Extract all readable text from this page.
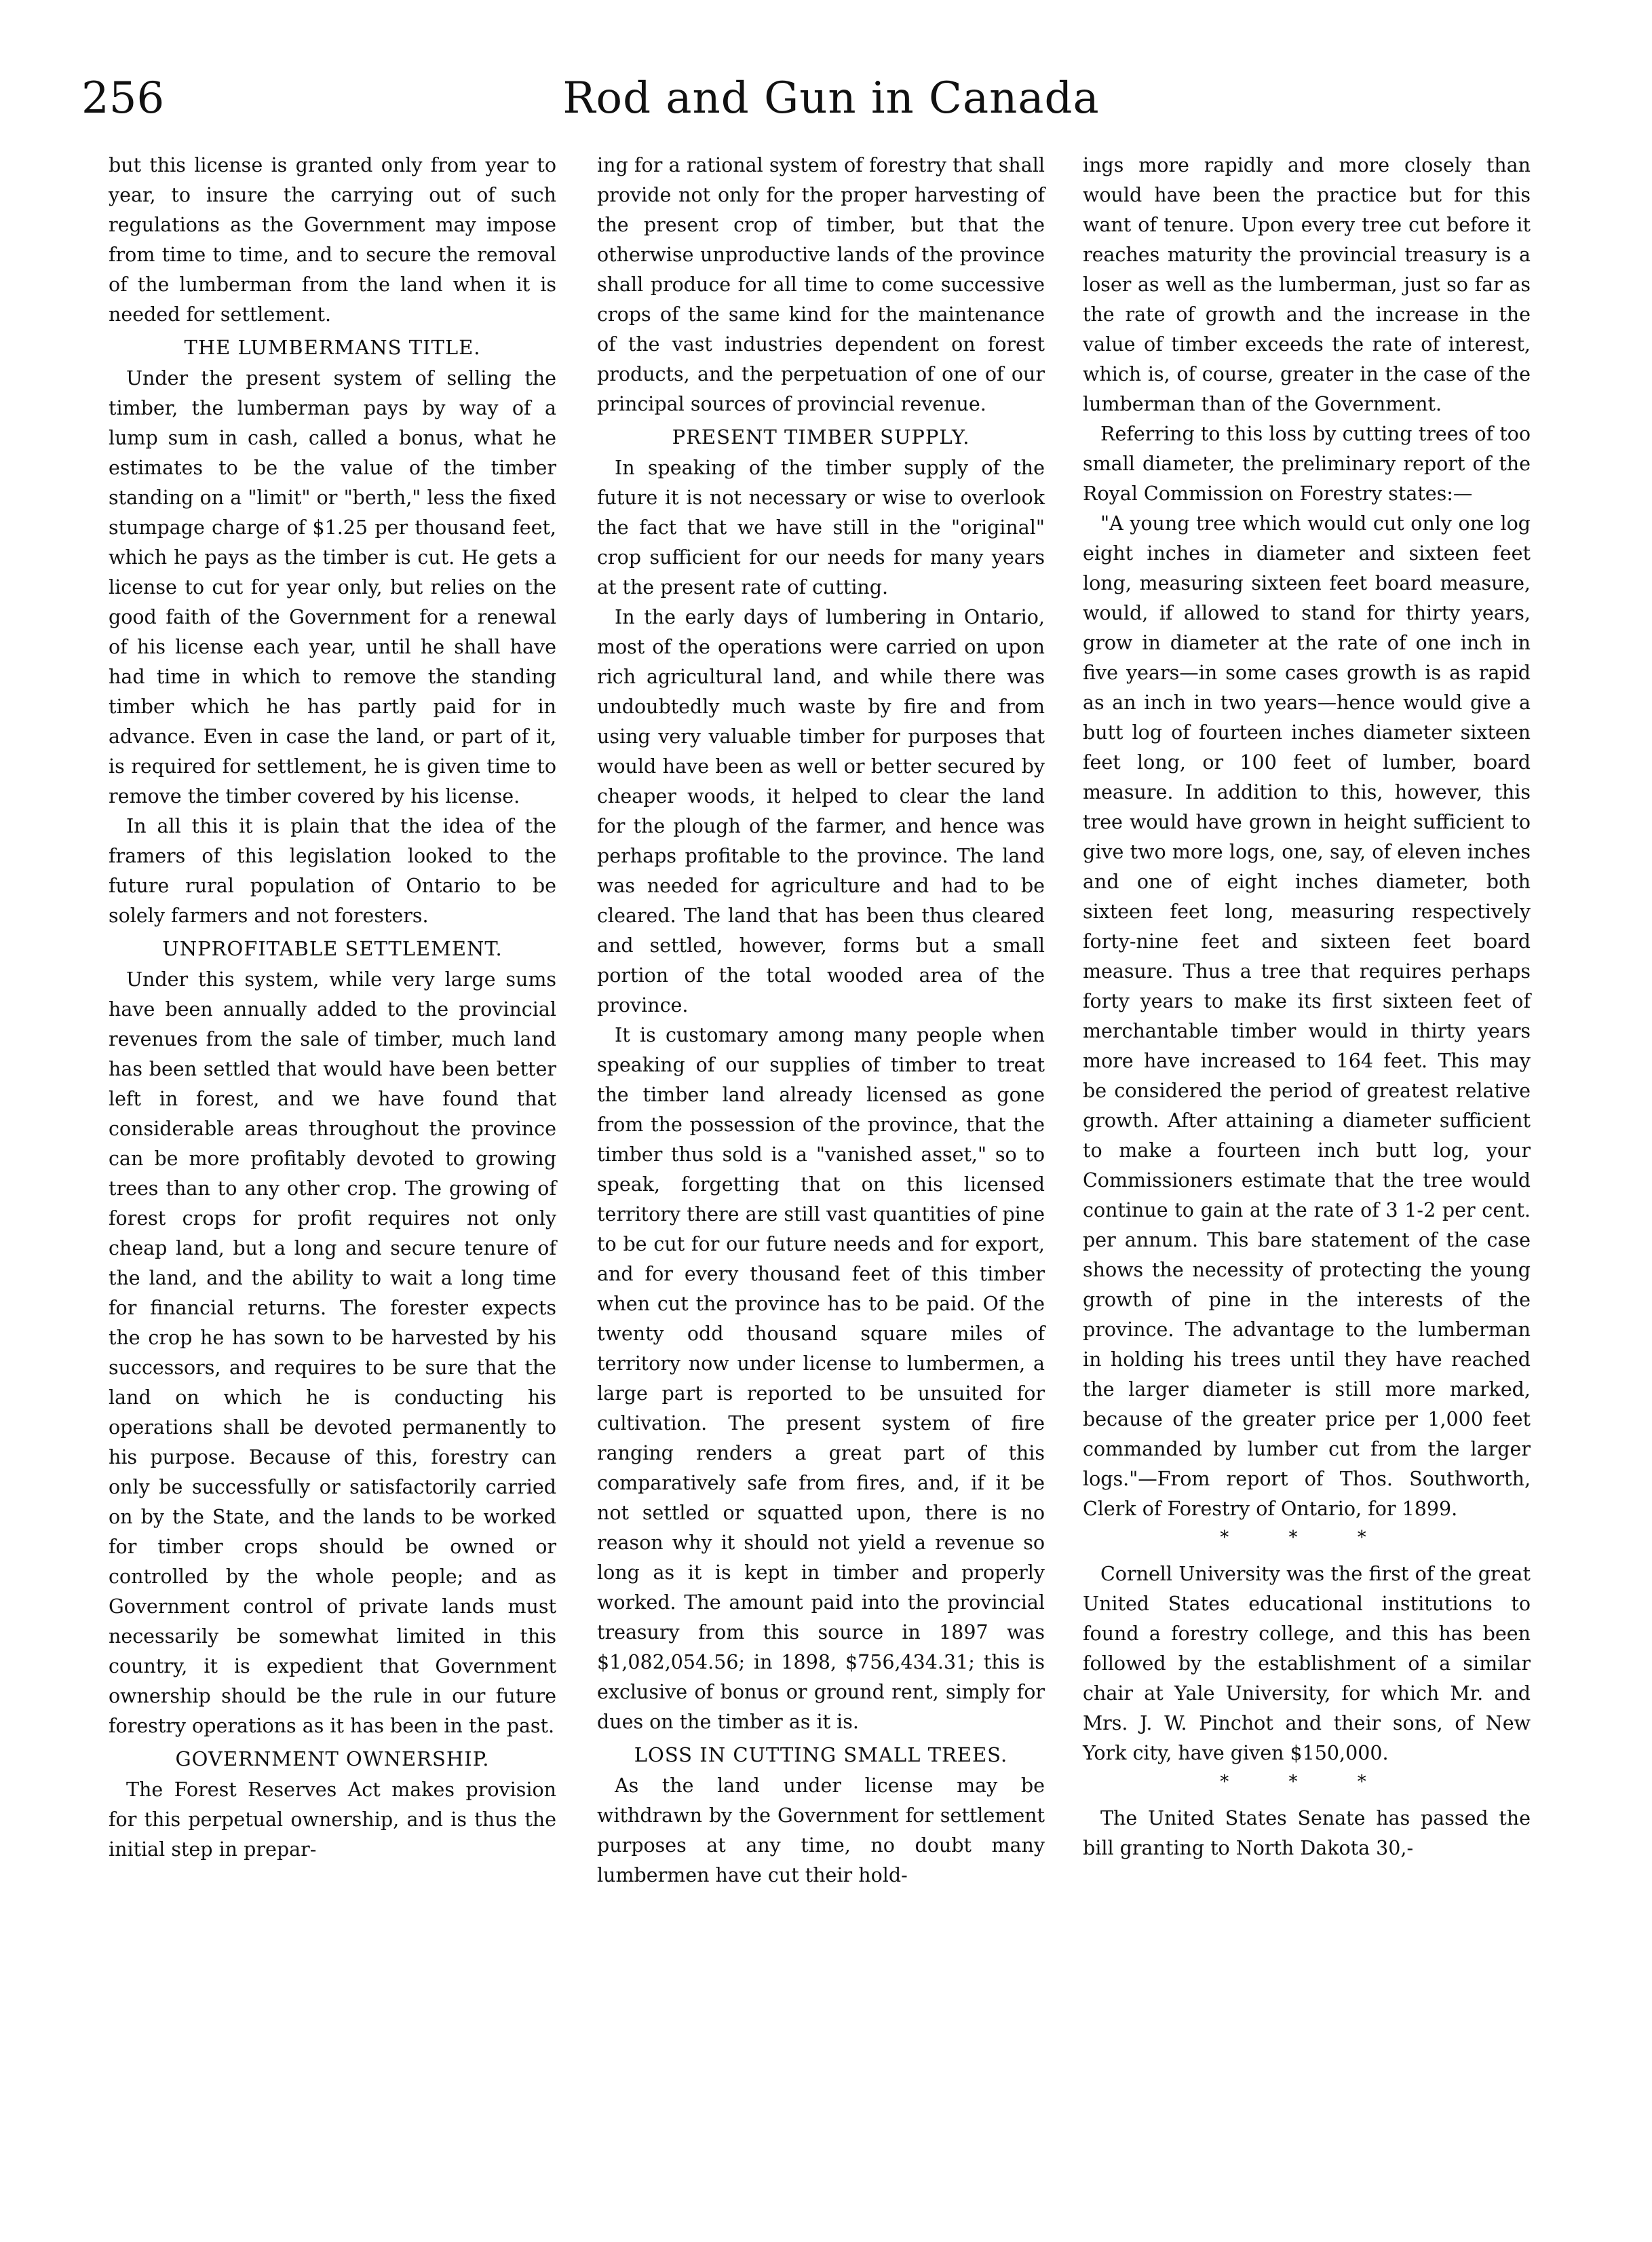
256	Rod and Gun in Canada

but this license is granted only from year to year, to insure the carrying out of such regulations as the Government may impose from time to time, and to secure the removal of the lumberman from the land when it is needed for settlement.

THE LUMBERMANS TITLE.

Under the present system of selling the timber, the lumberman pays by way of a lump sum in cash, called a bonus, what he estimates to be the value of the timber standing on a "limit" or "berth," less the fixed stumpage charge of $1.25 per thousand feet, which he pays as the timber is cut. He gets a license to cut for year only, but relies on the good faith of the Government for a renewal of his license each year, until he shall have had time in which to remove the standing timber which he has partly paid for in advance. Even in case the land, or part of it, is required for settlement, he is given time to remove the timber covered by his license.

In all this it is plain that the idea of the framers of this legislation looked to the future rural population of Ontario to be solely farmers and not foresters.

UNPROFITABLE SETTLEMENT.

Under this system, while very large sums have been annually added to the provincial revenues from the sale of timber, much land has been settled that would have been better left in forest, and we have found that considerable areas throughout the province can be more profitably devoted to growing trees than to any other crop. The growing of forest crops for profit requires not only cheap land, but a long and secure tenure of the land, and the ability to wait a long time for financial returns. The forester expects the crop he has sown to be harvested by his successors, and requires to be sure that the land on which he is conducting his operations shall be devoted permanently to his purpose. Because of this, forestry can only be successfully or satisfactorily carried on by the State, and the lands to be worked for timber crops should be owned or controlled by the whole people; and as Government control of private lands must necessarily be somewhat limited in this country, it is expedient that Government ownership should be the rule in our future forestry operations as it has been in the past.

GOVERNMENT OWNERSHIP.

The Forest Reserves Act makes provision for this perpetual ownership, and is thus the initial step in prepar-

ing for a rational system of forestry that shall provide not only for the proper harvesting of the present crop of timber, but that the otherwise unproductive lands of the province shall produce for all time to come successive crops of the same kind for the maintenance of the vast industries dependent on forest products, and the perpetuation of one of our principal sources of provincial revenue.

PRESENT TIMBER SUPPLY.

In speaking of the timber supply of the future it is not necessary or wise to overlook the fact that we have still in the "original" crop sufficient for our needs for many years at the present rate of cutting.

In the early days of lumbering in Ontario, most of the operations were carried on upon rich agricultural land, and while there was undoubtedly much waste by fire and from using very valuable timber for purposes that would have been as well or better secured by cheaper woods, it helped to clear the land for the plough of the farmer, and hence was perhaps profitable to the province. The land was needed for agriculture and had to be cleared. The land that has been thus cleared and settled, however, forms but a small portion of the total wooded area of the province.

It is customary among many people when speaking of our supplies of timber to treat the timber land already licensed as gone from the possession of the province, that the timber thus sold is a "vanished asset," so to speak, forgetting that on this licensed territory there are still vast quantities of pine to be cut for our future needs and for export, and for every thousand feet of this timber when cut the province has to be paid. Of the twenty odd thousand square miles of territory now under license to lumbermen, a large part is reported to be unsuited for cultivation. The present system of fire ranging renders a great part of this comparatively safe from fires, and, if it be not settled or squatted upon, there is no reason why it should not yield a revenue so long as it is kept in timber and properly worked. The amount paid into the provincial treasury from this source in 1897 was $1,082,054.56; in 1898, $756,434.31; this is exclusive of bonus or ground rent, simply for dues on the timber as it is.

LOSS IN CUTTING SMALL TREES.

As the land under license may be withdrawn by the Government for settlement purposes at any time, no doubt many lumbermen have cut their hold-

ings more rapidly and more closely than would have been the practice but for this want of tenure. Upon every tree cut before it reaches maturity the provincial treasury is a loser as well as the lumberman, just so far as the rate of growth and the increase in the value of timber exceeds the rate of interest, which is, of course, greater in the case of the lumberman than of the Government.

Referring to this loss by cutting trees of too small diameter, the preliminary report of the Royal Commission on Forestry states:—

"A young tree which would cut only one log eight inches in diameter and sixteen feet long, measuring sixteen feet board measure, would, if allowed to stand for thirty years, grow in diameter at the rate of one inch in five years—in some cases growth is as rapid as an inch in two years—hence would give a butt log of fourteen inches diameter sixteen feet long, or 100 feet of lumber, board measure. In addition to this, however, this tree would have grown in height sufficient to give two more logs, one, say, of eleven inches and one of eight inches diameter, both sixteen feet long, measuring respectively forty-nine feet and sixteen feet board measure. Thus a tree that requires perhaps forty years to make its first sixteen feet of merchantable timber would in thirty years more have increased to 164 feet. This may be considered the period of greatest relative growth. After attaining a diameter sufficient to make a fourteen inch butt log, your Commissioners estimate that the tree would continue to gain at the rate of 3 1-2 per cent. per annum. This bare statement of the case shows the necessity of protecting the young growth of pine in the interests of the province. The advantage to the lumberman in holding his trees until they have reached the larger diameter is still more marked, because of the greater price per 1,000 feet commanded by lumber cut from the larger logs."—From report of Thos. Southworth, Clerk of Forestry of Ontario, for 1899.

* * *

Cornell University was the first of the great United States educational institutions to found a forestry college, and this has been followed by the establishment of a similar chair at Yale University, for which Mr. and Mrs. J. W. Pinchot and their sons, of New York city, have given $150,000.

* * *

The United States Senate has passed the bill granting to North Dakota 30,-
